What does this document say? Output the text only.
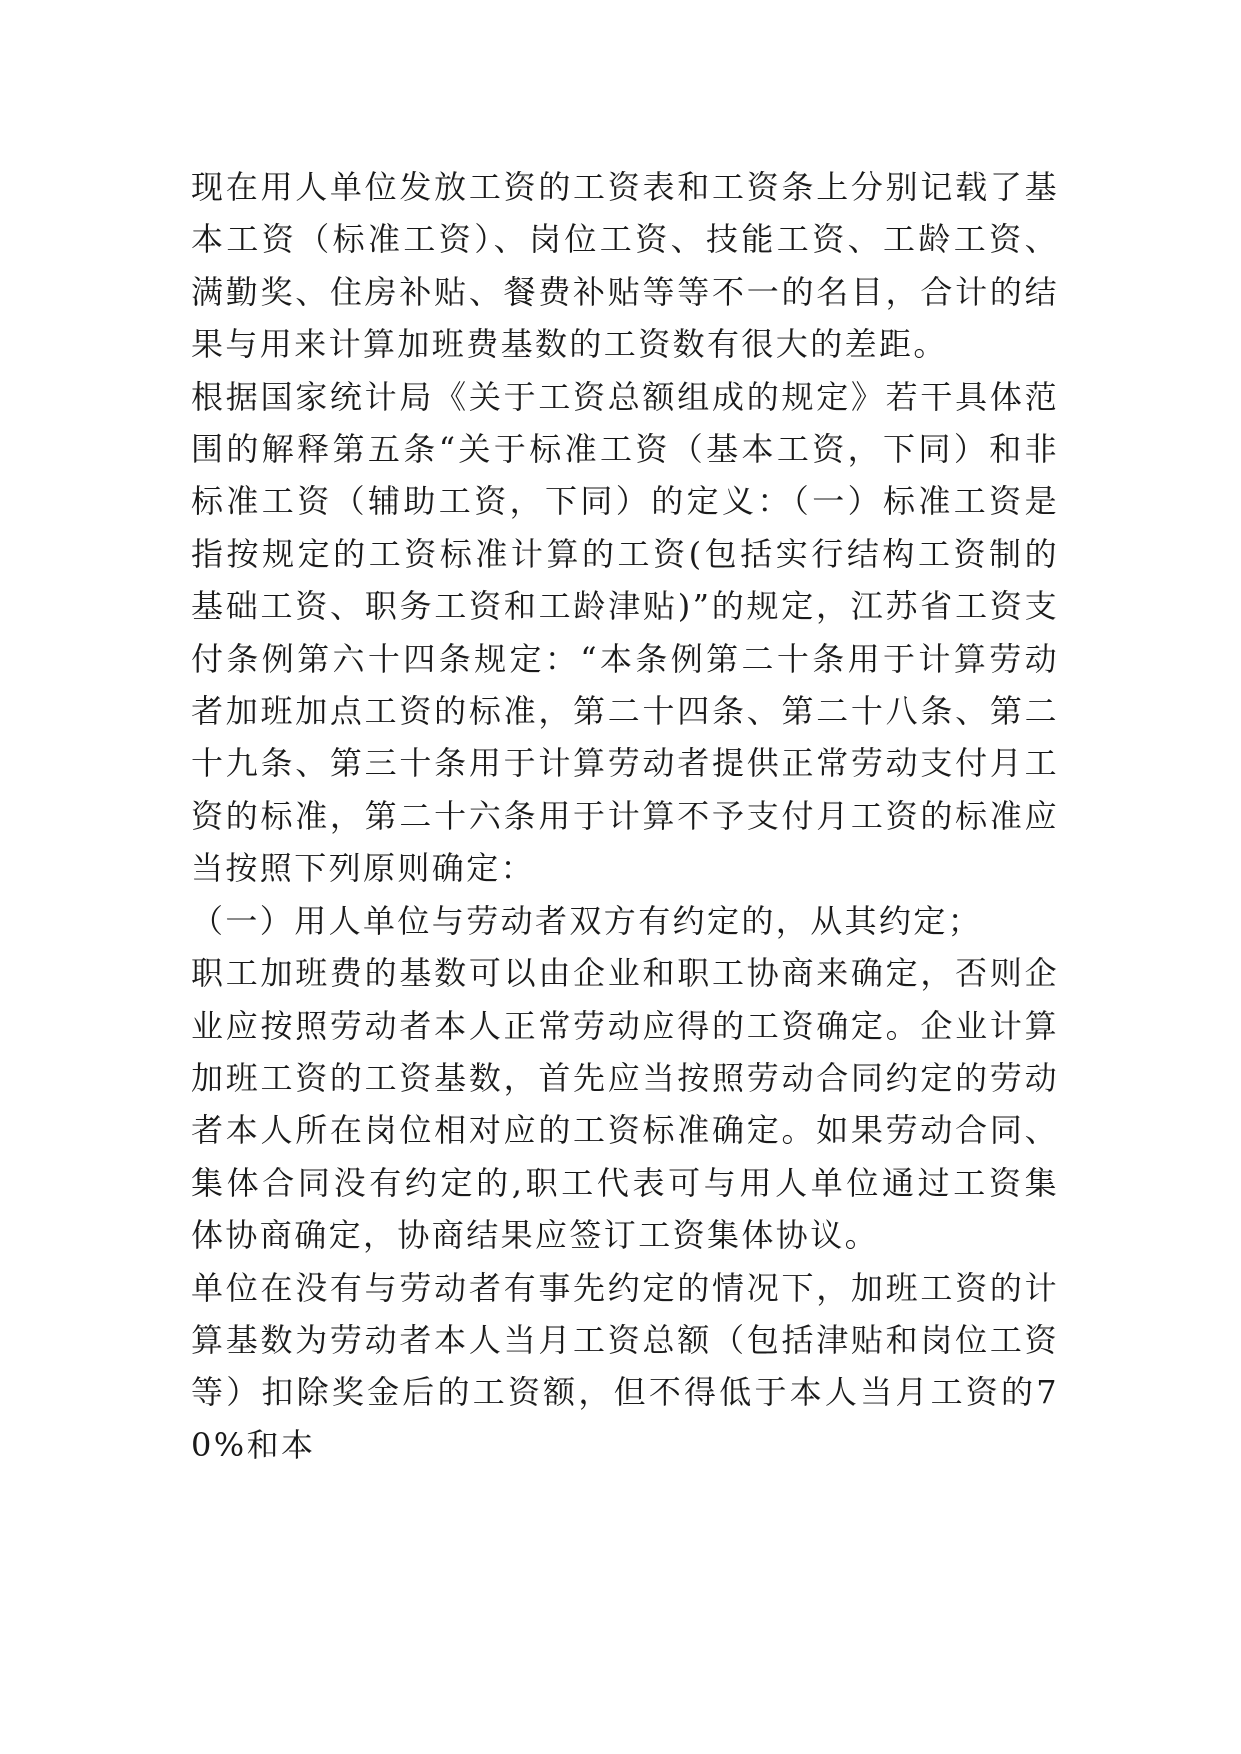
现在用人单位发放工资的工资表和工资条上分别记载了基本工资（标准工资）、岗位工资、技能工资、工龄工资、满勤奖、住房补贴、餐费补贴等等不一的名目，合计的结果与用来计算加班费基数的工资数有很大的差距。

根据国家统计局《关于工资总额组成的规定》若干具体范围的解释第五条“关于标准工资（基本工资，下同）和非标准工资（辅助工资，下同）的定义：（一）标准工资是指按规定的工资标准计算的工资(包括实行结构工资制的基础工资、职务工资和工龄津贴)”的规定，江苏省工资支付条例第六十四条规定：“本条例第二十条用于计算劳动者加班加点工资的标准，第二十四条、第二十八条、第二十九条、第三十条用于计算劳动者提供正常劳动支付月工资的标准，第二十六条用于计算不予支付月工资的标准应当按照下列原则确定：

（一）用人单位与劳动者双方有约定的，从其约定；

职工加班费的基数可以由企业和职工协商来确定，否则企业应按照劳动者本人正常劳动应得的工资确定。企业计算加班工资的工资基数，首先应当按照劳动合同约定的劳动者本人所在岗位相对应的工资标准确定。如果劳动合同、集体合同没有约定的,职工代表可与用人单位通过工资集体协商确定，协商结果应签订工资集体协议。

单位在没有与劳动者有事先约定的情况下，加班工资的计算基数为劳动者本人当月工资总额（包括津贴和岗位工资等）扣除奖金后的工资额，但不得低于本人当月工资的70%和本
